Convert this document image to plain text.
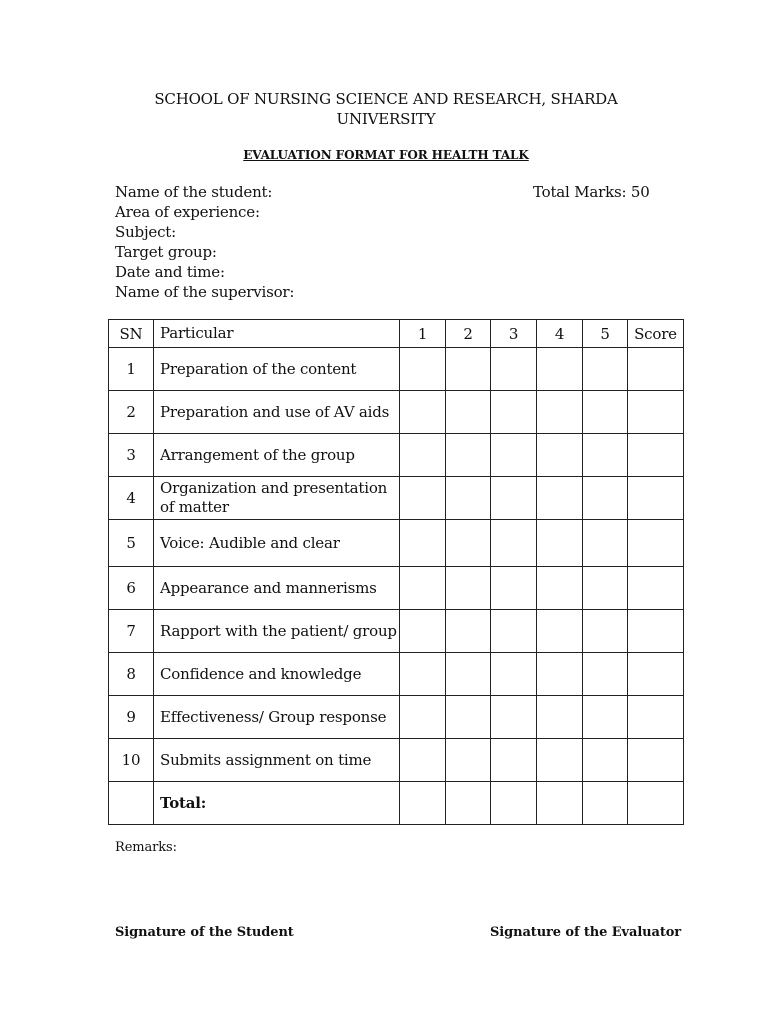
SCHOOL OF NURSING SCIENCE AND RESEARCH, SHARDA
UNIVERSITY
EVALUATION FORMAT FOR HEALTH TALK
Name of the student:
Area of experience:
Subject:
Target group:
Date and time:
Name of the supervisor:
Total Marks: 50
SN	Particular	1	2	3	4	5	Score
1	Preparation of the content						
2	Preparation and use of AV aids						
3	Arrangement of the group						
4	Organization and presentation of matter						
5	Voice: Audible and clear						
6	Appearance and mannerisms						
7	Rapport with the patient/ group						
8	Confidence and knowledge						
9	Effectiveness/ Group response						
10	Submits assignment on time						
	Total:						
Remarks:
Signature of the Student	Signature of the Evaluator
